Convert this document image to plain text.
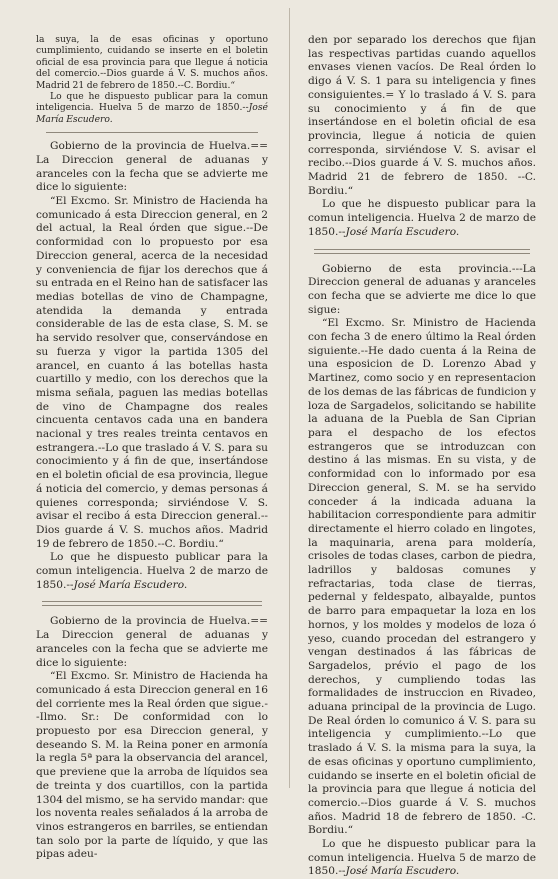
la suya, la de esas oficinas y oportuno cumplimiento, cuidando se inserte en el boletin oficial de esa provincia para que llegue á noticia del comercio.--Dios guarde á V. S. muchos años. Madrid 21 de febrero de 1850.--C. Bordiu.“

Lo que he dispuesto publicar para la comun inteligencia. Huelva 5 de marzo de 1850.--José María Escudero.

Gobierno de la provincia de Huelva.== La Direccion general de aduanas y aranceles con la fecha que se advierte me dice lo siguiente:

“El Excmo. Sr. Ministro de Hacienda ha comunicado á esta Direccion general, en 2 del actual, la Real órden que sigue.--De conformidad con lo propuesto por esa Direccion general, acerca de la necesidad y conveniencia de fijar los derechos que á su entrada en el Reino han de satisfacer las medias botellas de vino de Champagne, atendida la demanda y entrada considerable de las de esta clase, S. M. se ha servido resolver que, conservándose en su fuerza y vigor la partida 1305 del arancel, en cuanto á las botellas hasta cuartillo y medio, con los derechos que la misma señala, paguen las medias botellas de vino de Champagne dos reales cincuenta centavos cada una en bandera nacional y tres reales treinta centavos en estrangera.--Lo que traslado á V. S. para su conocimiento y á fin de que, insertándose en el boletin oficial de esa provincia, llegue á noticia del comercio, y demas personas á quienes corresponda; sirviéndose V. S. avisar el recibo á esta Direccion general.--Dios guarde á V. S. muchos años. Madrid 19 de febrero de 1850.--C. Bordiu.“

Lo que he dispuesto publicar para la comun inteligencia. Huelva 2 de marzo de 1850.--José María Escudero.

Gobierno de la provincia de Huelva.== La Direccion general de aduanas y aranceles con la fecha que se advierte me dice lo siguiente:

“El Excmo. Sr. Ministro de Hacienda ha comunicado á esta Direccion general en 16 del corriente mes la Real órden que sigue.--Ilmo. Sr.: De conformidad con lo propuesto por esa Direccion general, y deseando S. M. la Reina poner en armonía la regla 5ª para la observancia del arancel, que previene que la arroba de líquidos sea de treinta y dos cuartillos, con la partida 1304 del mismo, se ha servido mandar: que los noventa reales señalados á la arroba de vinos estrangeros en barriles, se entiendan tan solo por la parte de líquido, y que las pipas adeu-

den por separado los derechos que fijan las respectivas partidas cuando aquellos envases vienen vacíos. De Real órden lo digo á V. S. 1 para su inteligencia y fines consiguientes.= Y lo traslado á V. S. para su conocimiento y á fin de que insertándose en el boletin oficial de esa provincia, llegue á noticia de quien corresponda, sirviéndose V. S. avisar el recibo.--Dios guarde á V. S. muchos años. Madrid 21 de febrero de 1850. --C. Bordiu.“

Lo que he dispuesto publicar para la comun inteligencia. Huelva 2 de marzo de 1850.--José María Escudero.

Gobierno de esta provincia.---La Direccion general de aduanas y aranceles con fecha que se advierte me dice lo que sigue:

“El Excmo. Sr. Ministro de Hacienda con fecha 3 de enero último la Real órden siguiente.--He dado cuenta á la Reina de una esposicion de D. Lorenzo Abad y Martinez, como socio y en representacion de los demas de las fábricas de fundicion y loza de Sargadelos, solicitando se habilite la aduana de la Puebla de San Ciprian para el despacho de los efectos estrangeros que se introduzcan con destino á las mismas. En su vista, y de conformidad con lo informado por esa Direccion general, S. M. se ha servido conceder á la indicada aduana la habilitacion correspondiente para admitir directamente el hierro colado en lingotes, la maquinaria, arena para moldería, crisoles de todas clases, carbon de piedra, ladrillos y baldosas comunes y refractarias, toda clase de tierras, pedernal y feldespato, albayalde, puntos de barro para empaquetar la loza en los hornos, y los moldes y modelos de loza ó yeso, cuando procedan del estrangero y vengan destinados á las fábricas de Sargadelos, prévio el pago de los derechos, y cumpliendo todas las formalidades de instruccion en Rivadeo, aduana principal de la provincia de Lugo. De Real órden lo comunico á V. S. para su inteligencia y cumplimiento.--Lo que traslado á V. S. la misma para la suya, la de esas oficinas y oportuno cumplimiento, cuidando se inserte en el boletin oficial de la provincia para que llegue á noticia del comercio.--Dios guarde á V. S. muchos años. Madrid 18 de febrero de 1850. -C. Bordiu.“

Lo que he dispuesto publicar para la comun inteligencia. Huelva 5 de marzo de 1850.--José María Escudero.
